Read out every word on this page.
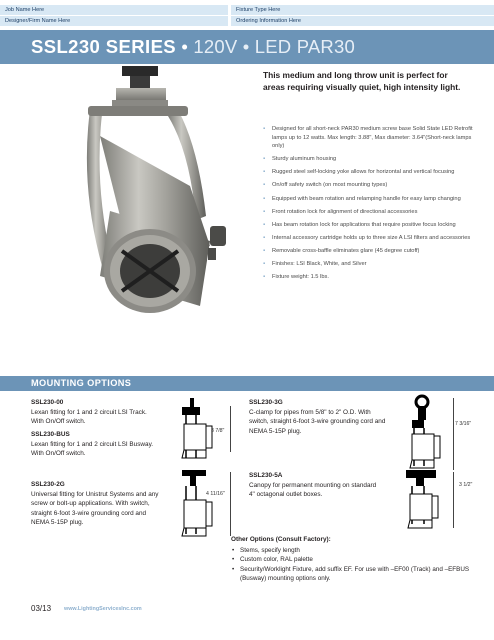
Job Name Here	Fixture Type Here
Designer/Firm Name Here	Ordering Information Here
SSL230 SERIES • 120V • LED PAR30
This medium and long throw unit is perfect for areas requiring visually quiet, high intensity light.
▪ Designed for all short-neck PAR30 medium screw base Solid State LED Retrofit lamps up to 12 watts. Max length: 3.88", Max diameter: 3.64"(Short-neck lamps only)
▪ Sturdy aluminum housing
▪ Rugged steel self-locking yoke allows for horizontal and vertical focusing
▪ On/off safety switch (on most mounting types)
▪ Equipped with beam rotation and relamping handle for easy lamp changing
▪ Front rotation lock for alignment of directional accessories
▪ Has beam rotation lock for applications that require positive focus locking
▪ Internal accessory cartridge holds up to three size A LSI filters and accessories
▪ Removable cross-baffle eliminates glare (45 degree cutoff)
▪ Finishes: LSI Black, White, and Silver
▪ Fixture weight: 1.5 lbs.
MOUNTING OPTIONS
SSL230-00
Lexan fitting for 1 and 2 circuit LSI Track. With On/Off switch.
SSL230-BUS
Lexan fitting for 1 and 2 circuit LSI Busway. With On/Off switch.
3 7/8"
SSL230-2G
Universal fitting for Unistrut Systems and any screw or bolt-up applications. With switch, straight 6-foot 3-wire grounding cord and NEMA 5-15P plug.
4 11/16"
SSL230-3G
C-clamp for pipes from 5/8" to 2" O.D. With switch, straight 6-foot 3-wire grounding cord and NEMA 5-15P plug.
7 3/16"
SSL230-5A
Canopy for permanent mounting on standard 4" octagonal outlet boxes.
3 1/2"
Other Options (Consult Factory):
• Stems, specify length
• Custom color, RAL palette
• Security/Worklight Fixture, add suffix EF. For use with –EF00 (Track) and –EFBUS (Busway) mounting options only.
03/13 www.LightingServicesInc.com
